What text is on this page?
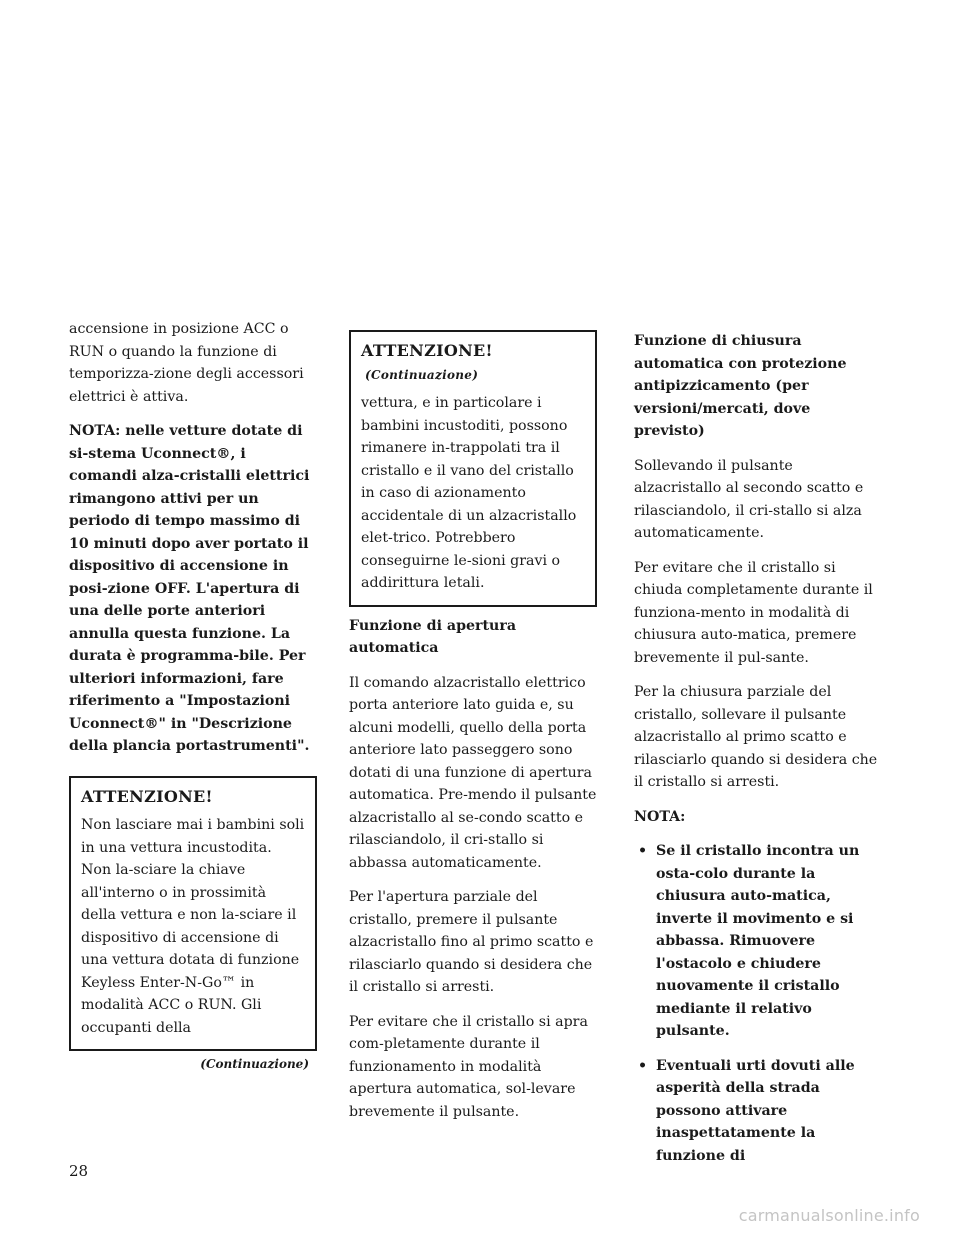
accensione in posizione ACC o RUN o quando la funzione di temporizza-zione degli accessori elettrici è attiva.

NOTA: nelle vetture dotate di si-stema Uconnect®, i comandi alza-cristalli elettrici rimangono attivi per un periodo di tempo massimo di 10 minuti dopo aver portato il dispositivo di accensione in posi-zione OFF. L'apertura di una delle porte anteriori annulla questa funzione. La durata è programma-bile. Per ulteriori informazioni, fare riferimento a "Impostazioni Uconnect®" in "Descrizione della plancia portastrumenti".

ATTENZIONE!

Non lasciare mai i bambini soli in una vettura incustodita. Non la-sciare la chiave all'interno o in prossimità della vettura e non la-sciare il dispositivo di accensione di una vettura dotata di funzione Keyless Enter-N-Go™ in modalità ACC o RUN. Gli occupanti della

(Continuazione)
ATTENZIONE!(Continuazione)

vettura, e in particolare i bambini incustoditi, possono rimanere in-trappolati tra il cristallo e il vano del cristallo in caso di azionamento accidentale di un alzacristallo elet-trico. Potrebbero conseguirne le-sioni gravi o addirittura letali.

Funzione di apertura automatica

Il comando alzacristallo elettrico porta anteriore lato guida e, su alcuni modelli, quello della porta anteriore lato passeggero sono dotati di una funzione di apertura automatica. Pre-mendo il pulsante alzacristallo al se-condo scatto e rilasciandolo, il cri-stallo si abbassa automaticamente.

Per l'apertura parziale del cristallo, premere il pulsante alzacristallo fino al primo scatto e rilasciarlo quando si desidera che il cristallo si arresti.

Per evitare che il cristallo si apra com-pletamente durante il funzionamento in modalità apertura automatica, sol-levare brevemente il pulsante.

Funzione di chiusura automatica con protezione antipizzicamento (per versioni/mercati, dove previsto)

Sollevando il pulsante alzacristallo al secondo scatto e rilasciandolo, il cri-stallo si alza automaticamente.

Per evitare che il cristallo si chiuda completamente durante il funziona-mento in modalità di chiusura auto-matica, premere brevemente il pul-sante.

Per la chiusura parziale del cristallo, sollevare il pulsante alzacristallo al primo scatto e rilasciarlo quando si desidera che il cristallo si arresti.

NOTA:

• Se il cristallo incontra un osta-colo durante la chiusura auto-matica, inverte il movimento e si abbassa. Rimuovere l'ostacolo e chiudere nuovamente il cristallo mediante il relativo pulsante.
• Eventuali urti dovuti alle asperità della strada possono attivare inaspettatamente la funzione di
28
carmanualsonline.info
